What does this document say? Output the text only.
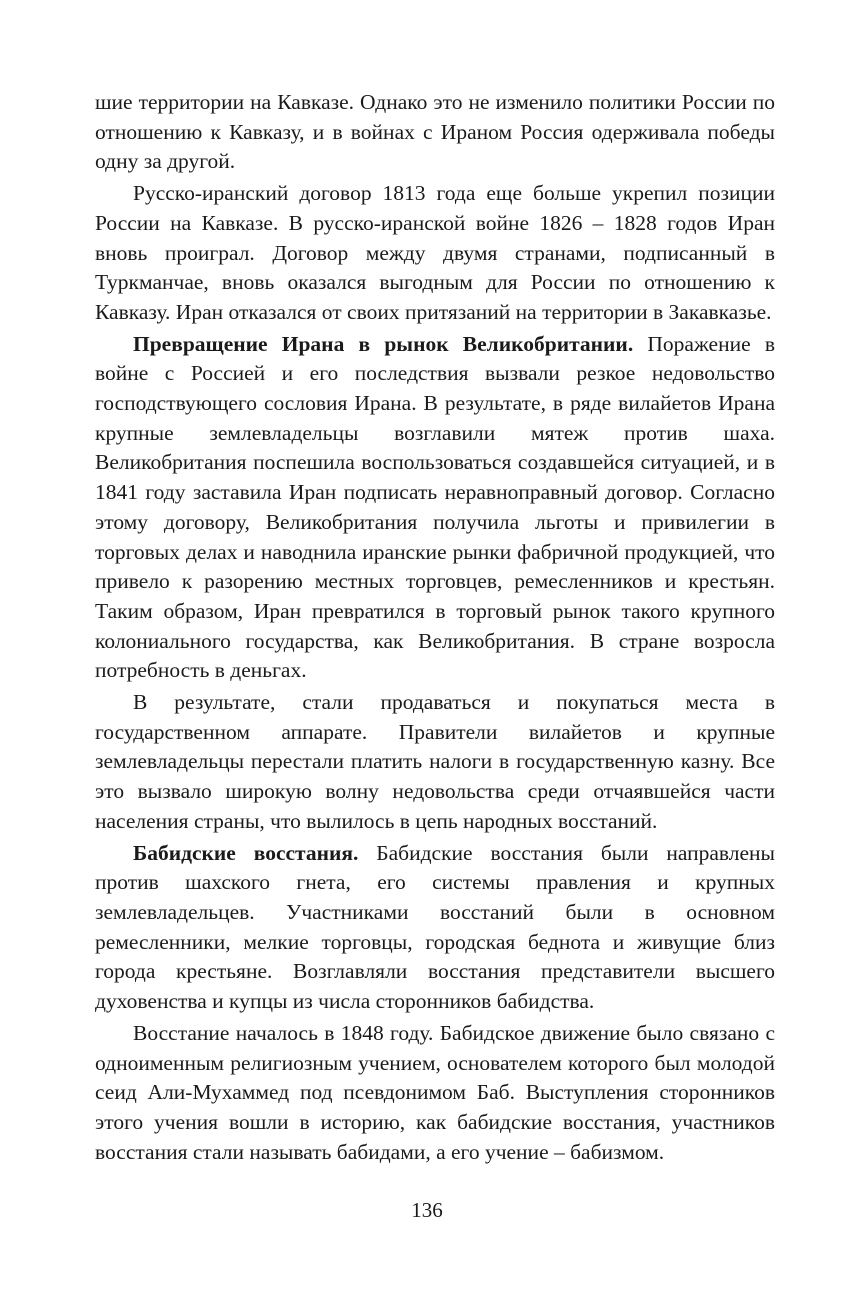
шие территории на Кавказе. Однако это не изменило политики России по отношению к Кавказу, и в войнах с Ираном Россия одерживала победы одну за другой.

Русско-иранский договор 1813 года еще больше укрепил позиции России на Кавказе. В русско-иранской войне 1826 – 1828 годов Иран вновь проиграл. Договор между двумя странами, подписанный в Туркманчае, вновь оказался выгодным для России по отношению к Кавказу. Иран отказался от своих притязаний на территории в Закавказье.

Превращение Ирана в рынок Великобритании. Поражение в войне с Россией и его последствия вызвали резкое недовольство господствующего сословия Ирана. В результате, в ряде вилайетов Ирана крупные землевладельцы возглавили мятеж против шаха. Великобритания поспешила воспользоваться создавшейся ситуацией, и в 1841 году заставила Иран подписать неравноправный договор. Согласно этому договору, Великобритания получила льготы и привилегии в торговых делах и наводнила иранские рынки фабричной продукцией, что привело к разорению местных торговцев, ремесленников и крестьян. Таким образом, Иран превратился в торговый рынок такого крупного колониального государства, как Великобритания. В стране возросла потребность в деньгах.

В результате, стали продаваться и покупаться места в государственном аппарате. Правители вилайетов и крупные землевладельцы перестали платить налоги в государственную казну. Все это вызвало широкую волну недовольства среди отчаявшейся части населения страны, что вылилось в цепь народных восстаний.

Бабидские восстания. Бабидские восстания были направлены против шахского гнета, его системы правления и крупных землевладельцев. Участниками восстаний были в основном ремесленники, мелкие торговцы, городская беднота и живущие близ города крестьяне. Возглавляли восстания представители высшего духовенства и купцы из числа сторонников бабидства.

Восстание началось в 1848 году. Бабидское движение было связано с одноименным религиозным учением, основателем которого был молодой сеид Али-Мухаммед под псевдонимом Баб. Выступления сторонников этого учения вошли в историю, как бабидские восстания, участников восстания стали называть бабидами, а его учение – бабизмом.

136
